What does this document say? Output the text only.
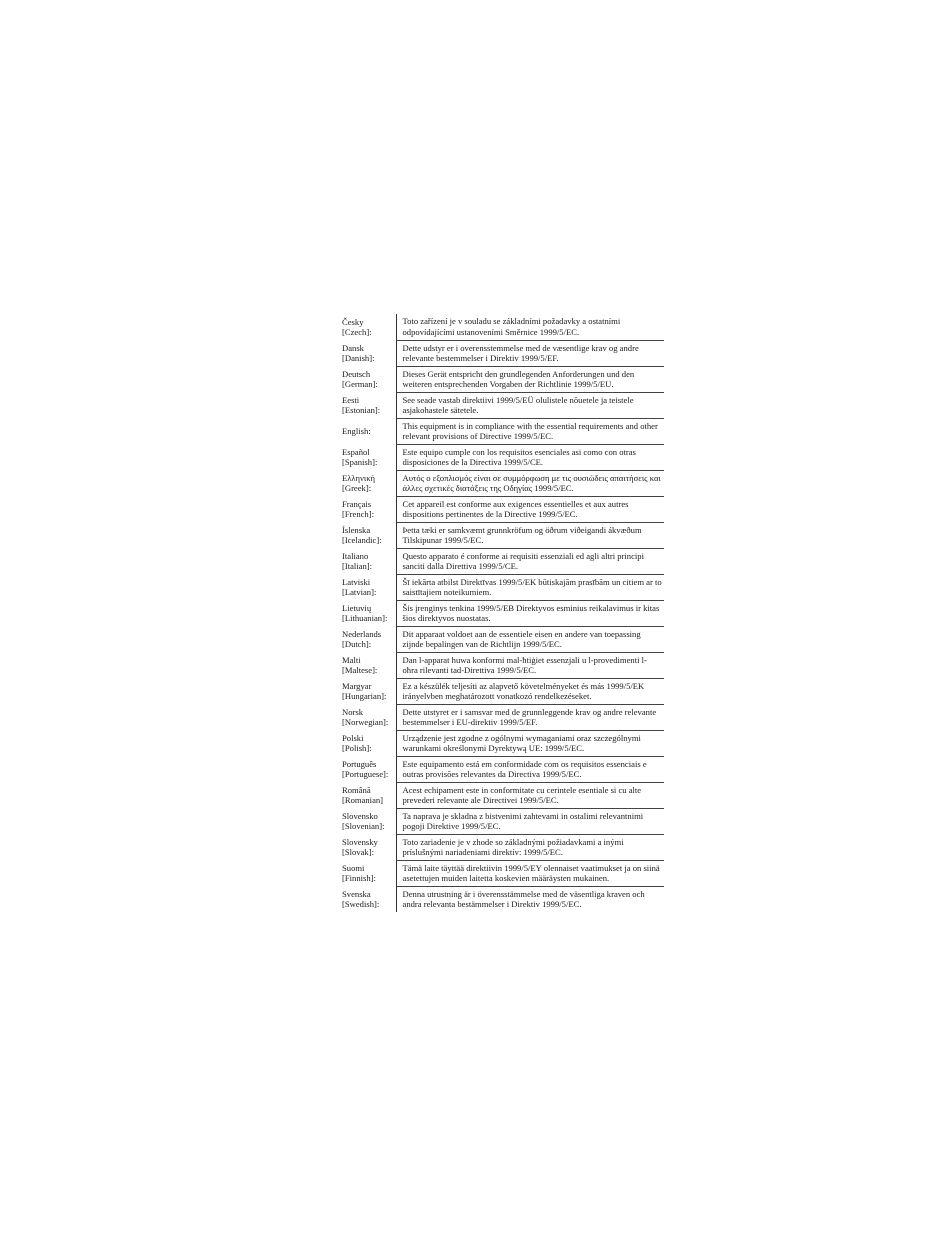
Česky
[Czech]:	Toto zařízení je v souladu se základními požadavky a ostatními odpovídajícími ustanoveními Směrnice 1999/5/EC.

Dansk
[Danish]:	Dette udstyr er i overensstemmelse med de væsentlige krav og andre relevante bestemmelser i Direktiv 1999/5/EF.

Deutsch
[German]:	Dieses Gerät entspricht den grundlegenden Anforderungen und den weiteren entsprechenden Vorgaben der Richtlinie 1999/5/EU.

Eesti
[Estonian]:	See seade vastab direktiivi 1999/5/EÜ olulistele nõuetele ja teistele asjakohastele sätetele.

English:	This equipment is in compliance with the essential requirements and other relevant provisions of Directive 1999/5/EC.

Español
[Spanish]:	Este equipo cumple con los requisitos esenciales asi como con otras disposiciones de la Directiva 1999/5/CE.

Ελληνική
[Greek]:	Αυτός ο εξοπλισμός είναι σε συμμόρφωση με τις ουσιώδεις απαιτήσεις και άλλες σχετικές διατάξεις της Οδηγίας 1999/5/EC.

Français
[French]:	Cet appareil est conforme aux exigences essentielles et aux autres dispositions pertinentes de la Directive 1999/5/EC.

Íslenska
[Icelandic]:	Þetta tæki er samkvæmt grunnkröfum og öðrum viðeigandi ákvæðum Tilskipunar 1999/5/EC.

Italiano
[Italian]:	Questo apparato é conforme ai requisiti essenziali ed agli altri principi sanciti dalla Direttiva 1999/5/CE.

Latviski
[Latvian]:	Šī iekārta atbilst Direktīvas 1999/5/EK būtiskajām prasībām un citiem ar to saistītajiem noteikumiem.

Lietuvių
[Lithuanian]:	Šis įrenginys tenkina 1999/5/EB Direktyvos esminius reikalavimus ir kitas šios direktyvos nuostatas.

Nederlands
[Dutch]:	Dit apparaat voldoet aan de essentiele eisen en andere van toepassing zijnde bepalingen van de Richtlijn 1999/5/EC.

Malti
[Maltese]:	Dan l-apparat huwa konformi mal-ħtiġiet essenzjali u l-provedimenti l-oħra rilevanti tad-Direttiva 1999/5/EC.

Margyar
[Hungarian]:	Ez a készülék teljesíti az alapvető követelményeket és más 1999/5/EK irányelvben meghatározott vonatkozó rendelkezéseket.

Norsk
[Norwegian]:	Dette utstyret er i samsvar med de grunnleggende krav og andre relevante bestemmelser i EU-direktiv 1999/5/EF.

Polski
[Polish]:	Urządzenie jest zgodne z ogólnymi wymaganiami oraz szczególnymi warunkami określonymi Dyrektywą UE: 1999/5/EC.

Português
[Portuguese]:	Este equipamento está em conformidade com os requisitos essenciais e outras provisões relevantes da Directiva 1999/5/EC.

Română
[Romanian]	Acest echipament este in conformitate cu cerintele esentiale si cu alte prevederi relevante ale Directivei 1999/5/EC.

Slovensko
[Slovenian]:	Ta naprava je skladna z bistvenimi zahtevami in ostalimi relevantnimi pogoji Direktive 1999/5/EC.

Slovensky
[Slovak]:	Toto zariadenie je v zhode so základnými požiadavkami a inými príslušnými nariadeniami direktív: 1999/5/EC.

Suomi
[Finnish]:	Tämä laite täyttää direktiivin 1999/5/EY olennaiset vaatimukset ja on siinä asetettujen muiden laitetta koskevien määräysten mukainen.

Svenska
[Swedish]:	Denna utrustning är i överensstämmelse med de väsentliga kraven och andra relevanta bestämmelser i Direktiv 1999/5/EC.
